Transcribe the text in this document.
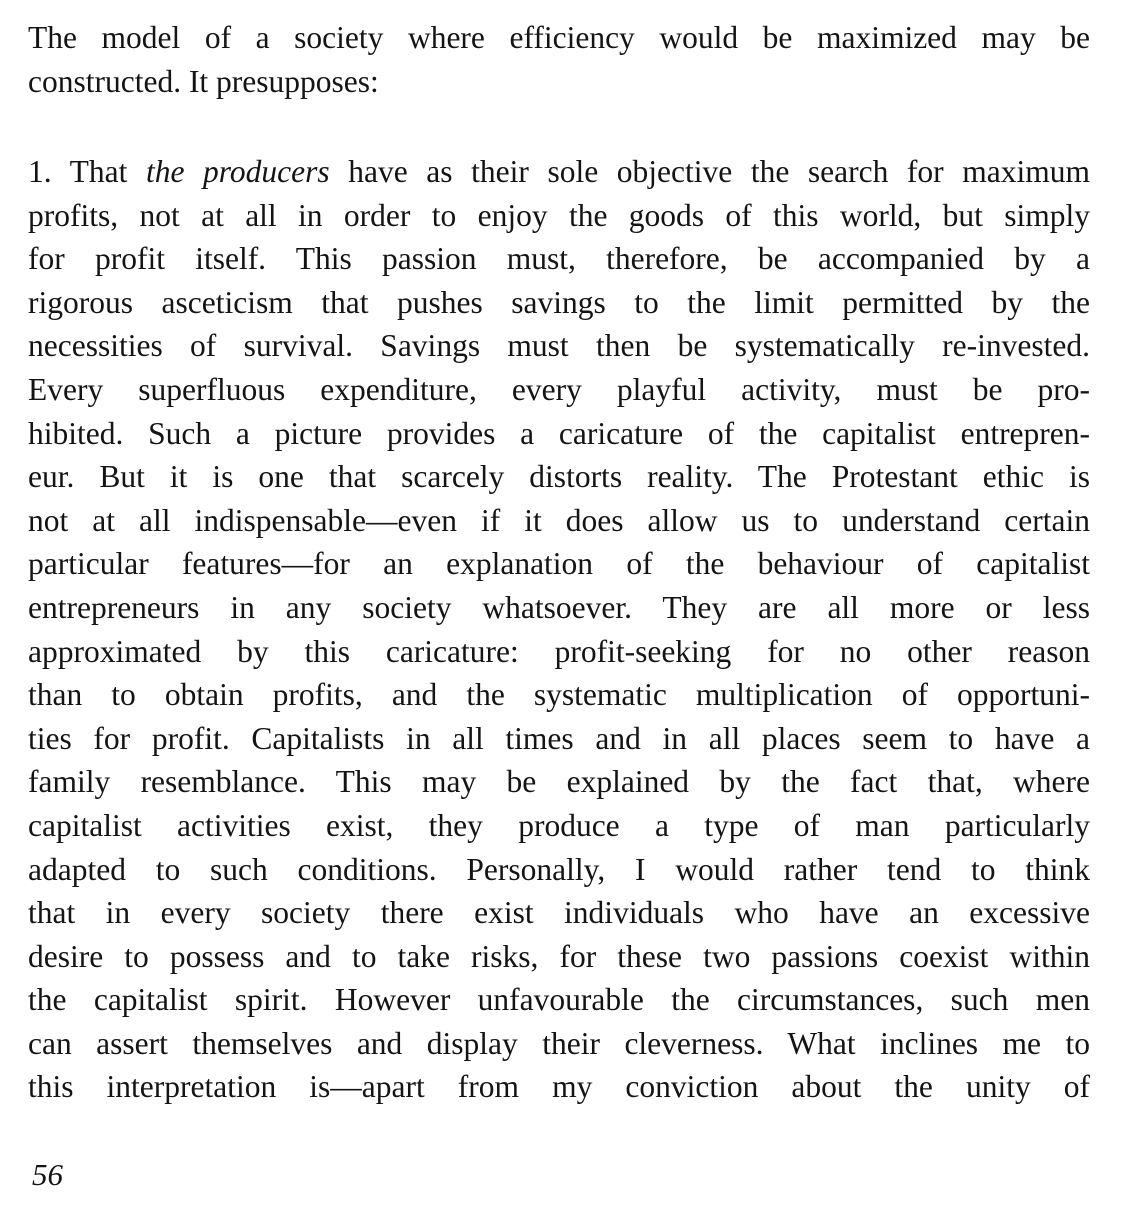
The model of a society where efficiency would be maximized may be
constructed. It presupposes:
1. That the producers have as their sole objective the search for maximum
profits, not at all in order to enjoy the goods of this world, but simply
for profit itself. This passion must, therefore, be accompanied by a
rigorous asceticism that pushes savings to the limit permitted by the
necessities of survival. Savings must then be systematically re-invested.
Every superfluous expenditure, every playful activity, must be pro-
hibited. Such a picture provides a caricature of the capitalist entrepren-
eur. But it is one that scarcely distorts reality. The Protestant ethic is
not at all indispensable—even if it does allow us to understand certain
particular features—for an explanation of the behaviour of capitalist
entrepreneurs in any society whatsoever. They are all more or less
approximated by this caricature: profit-seeking for no other reason
than to obtain profits, and the systematic multiplication of opportuni-
ties for profit. Capitalists in all times and in all places seem to have a
family resemblance. This may be explained by the fact that, where
capitalist activities exist, they produce a type of man particularly
adapted to such conditions. Personally, I would rather tend to think
that in every society there exist individuals who have an excessive
desire to possess and to take risks, for these two passions coexist within
the capitalist spirit. However unfavourable the circumstances, such men
can assert themselves and display their cleverness. What inclines me to
this interpretation is—apart from my conviction about the unity of
56
